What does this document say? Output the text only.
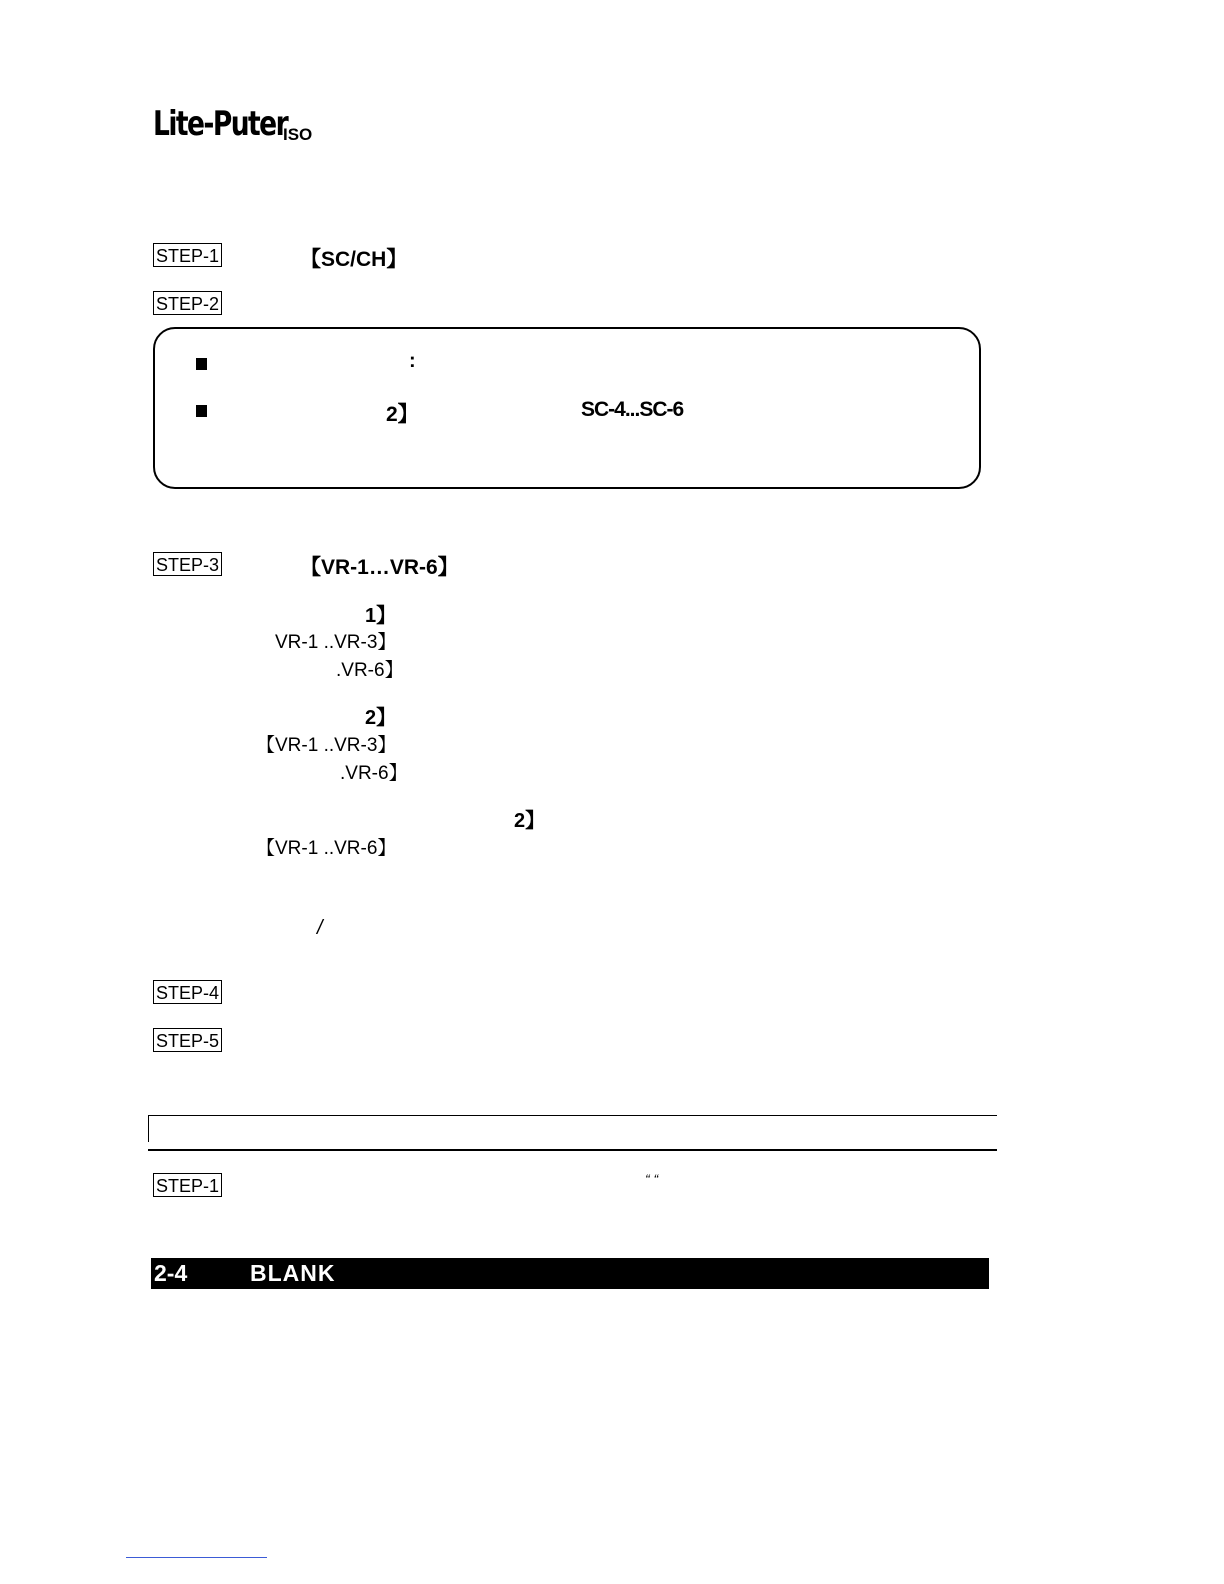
Lite-Puter
ISO
STEP-1	【SC/CH】
STEP-2
:
2】	SC-4...SC-6
STEP-3	【VR-1…VR-6】
1】
VR-1 ..VR-3】
.VR-6】
2】
【VR-1 ..VR-3】
.VR-6】
2】
【VR-1 ..VR-6】
/
STEP-4
STEP-5
STEP-1	“ “
2-4	BLANK
